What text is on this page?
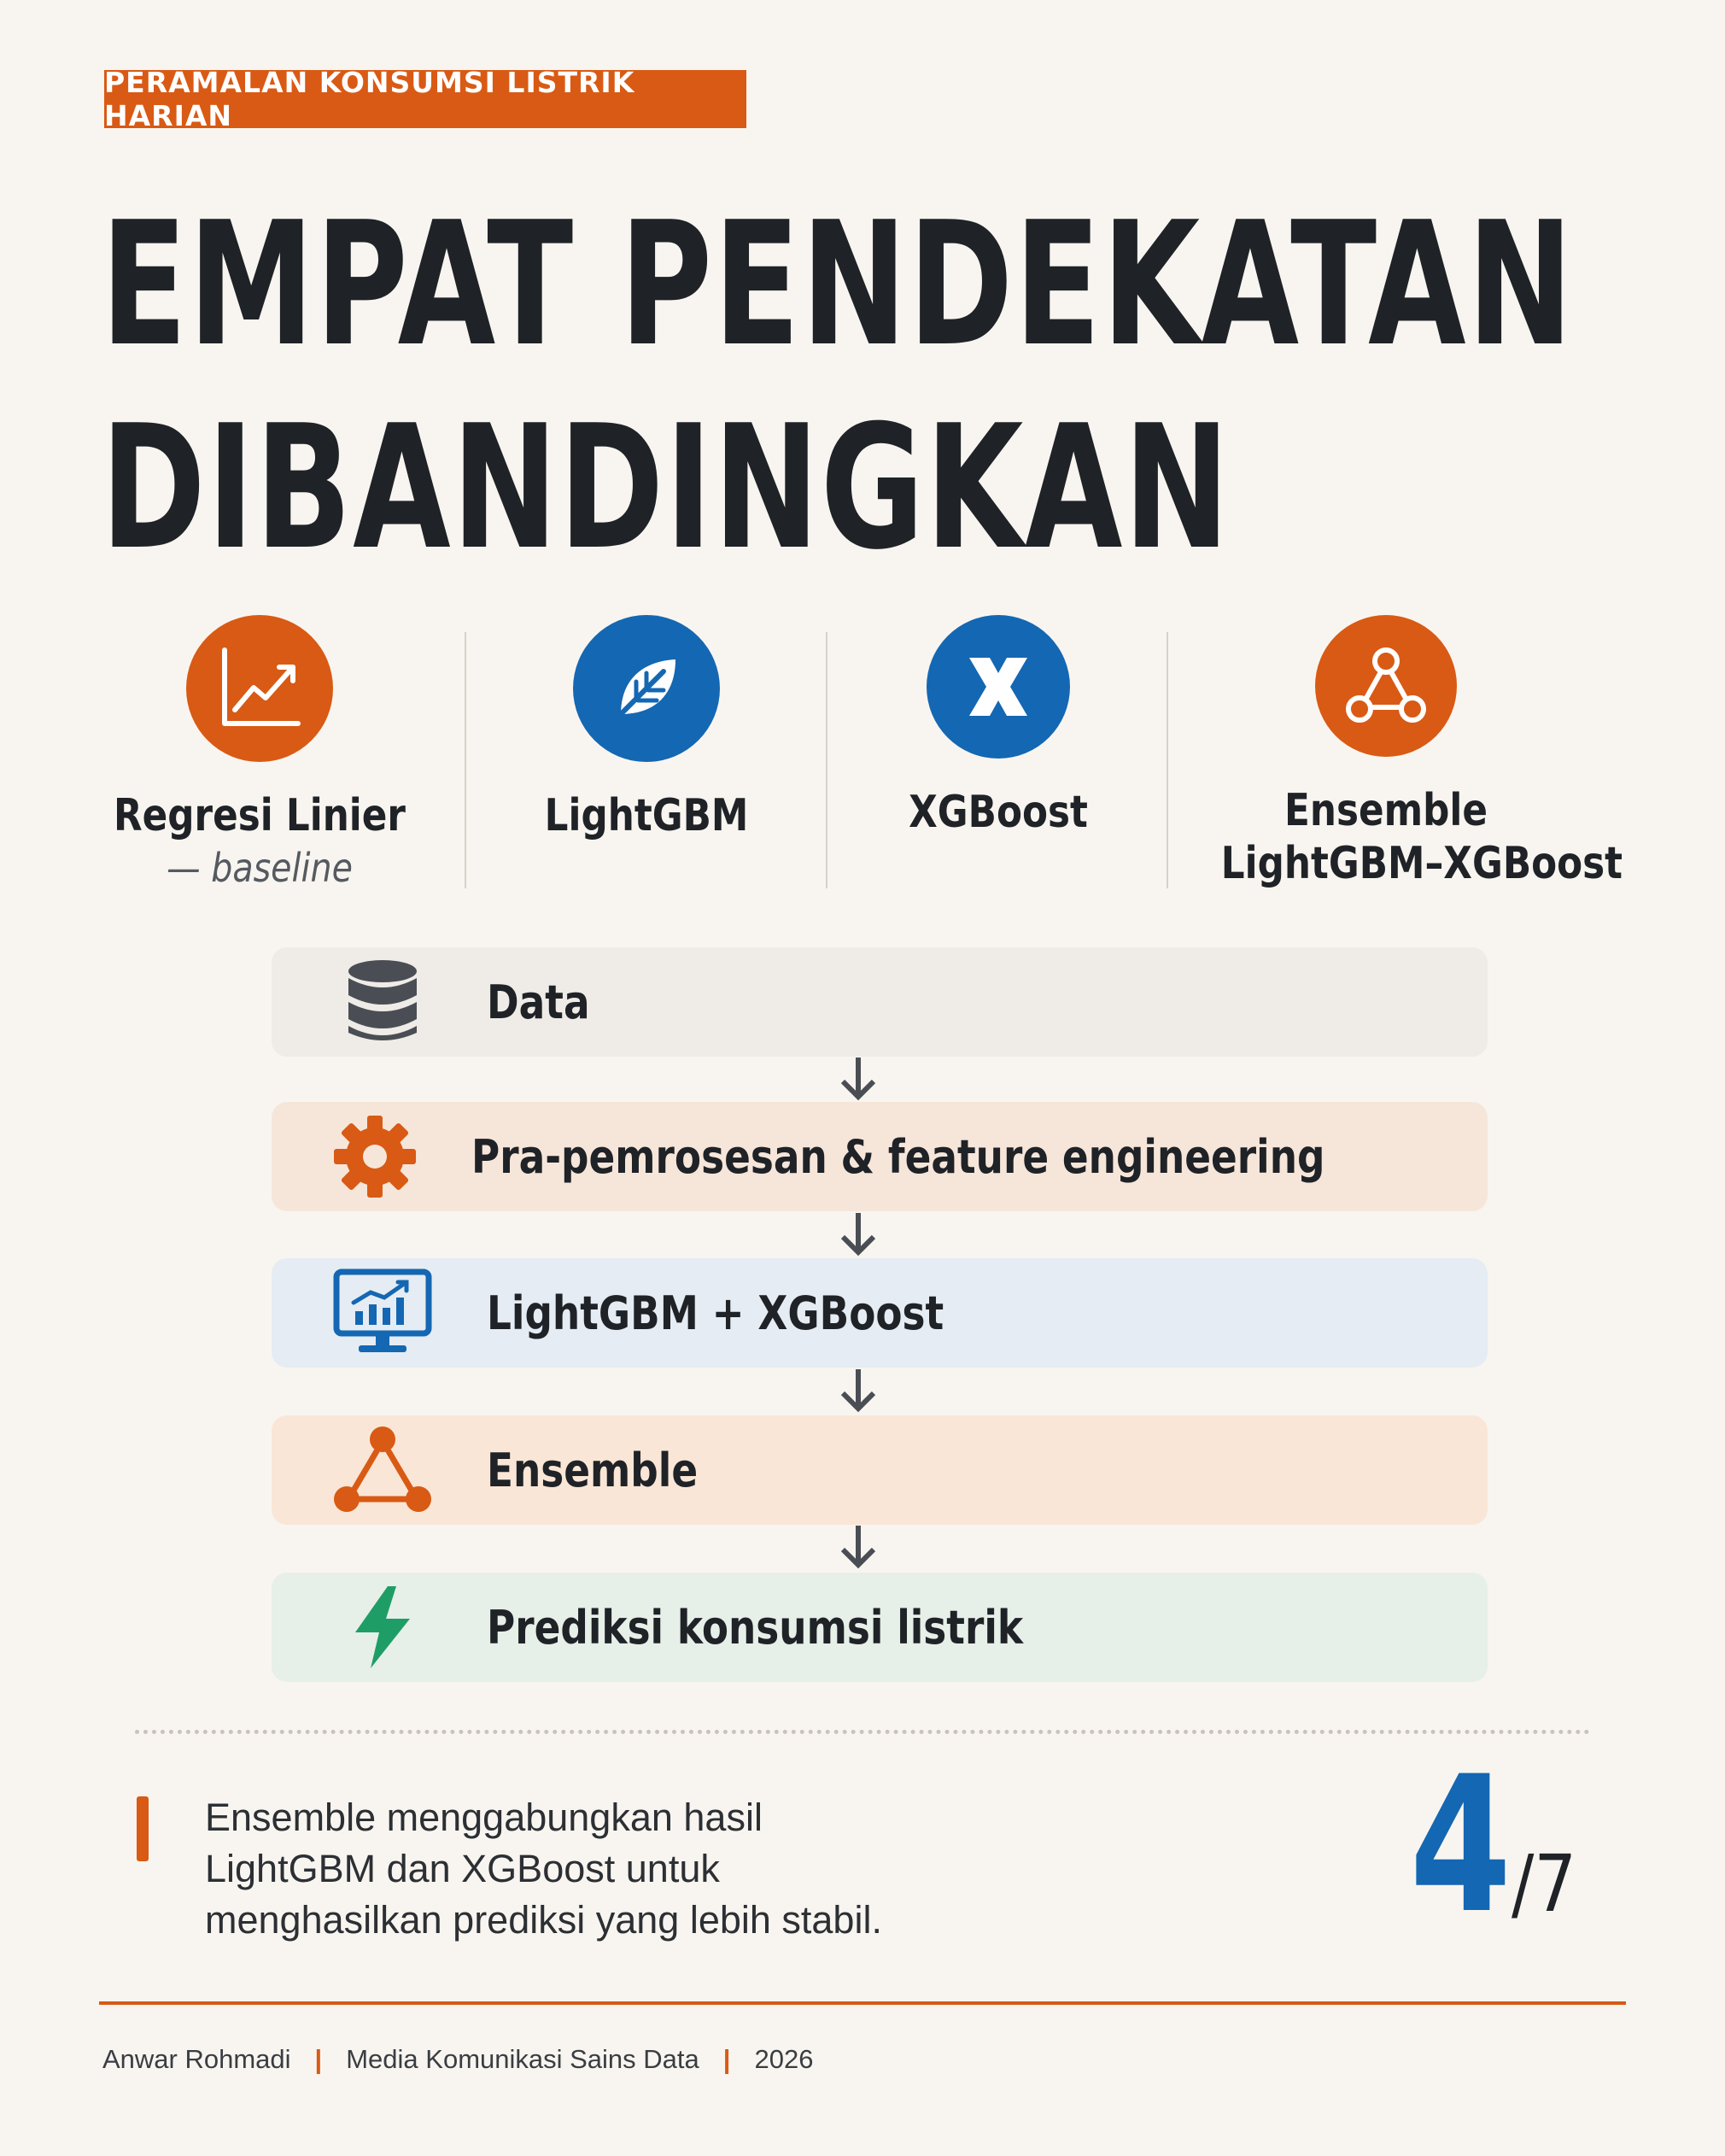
PERAMALAN KONSUMSI LISTRIK HARIAN
EMPAT PENDEKATAN
DIBANDINGKAN
Regresi Linier
— baseline
LightGBM	XGBoost	Ensemble
LightGBM–XGBoost
Data
Pra-pemrosesan & feature engineering
LightGBM + XGBoost
Ensemble
Prediksi konsumsi listrik
Ensemble menggabungkan hasil
LightGBM dan XGBoost untuk
menghasilkan prediksi yang lebih stabil.	4 /7
Anwar Rohmadi | Media Komunikasi Sains Data | 2026
